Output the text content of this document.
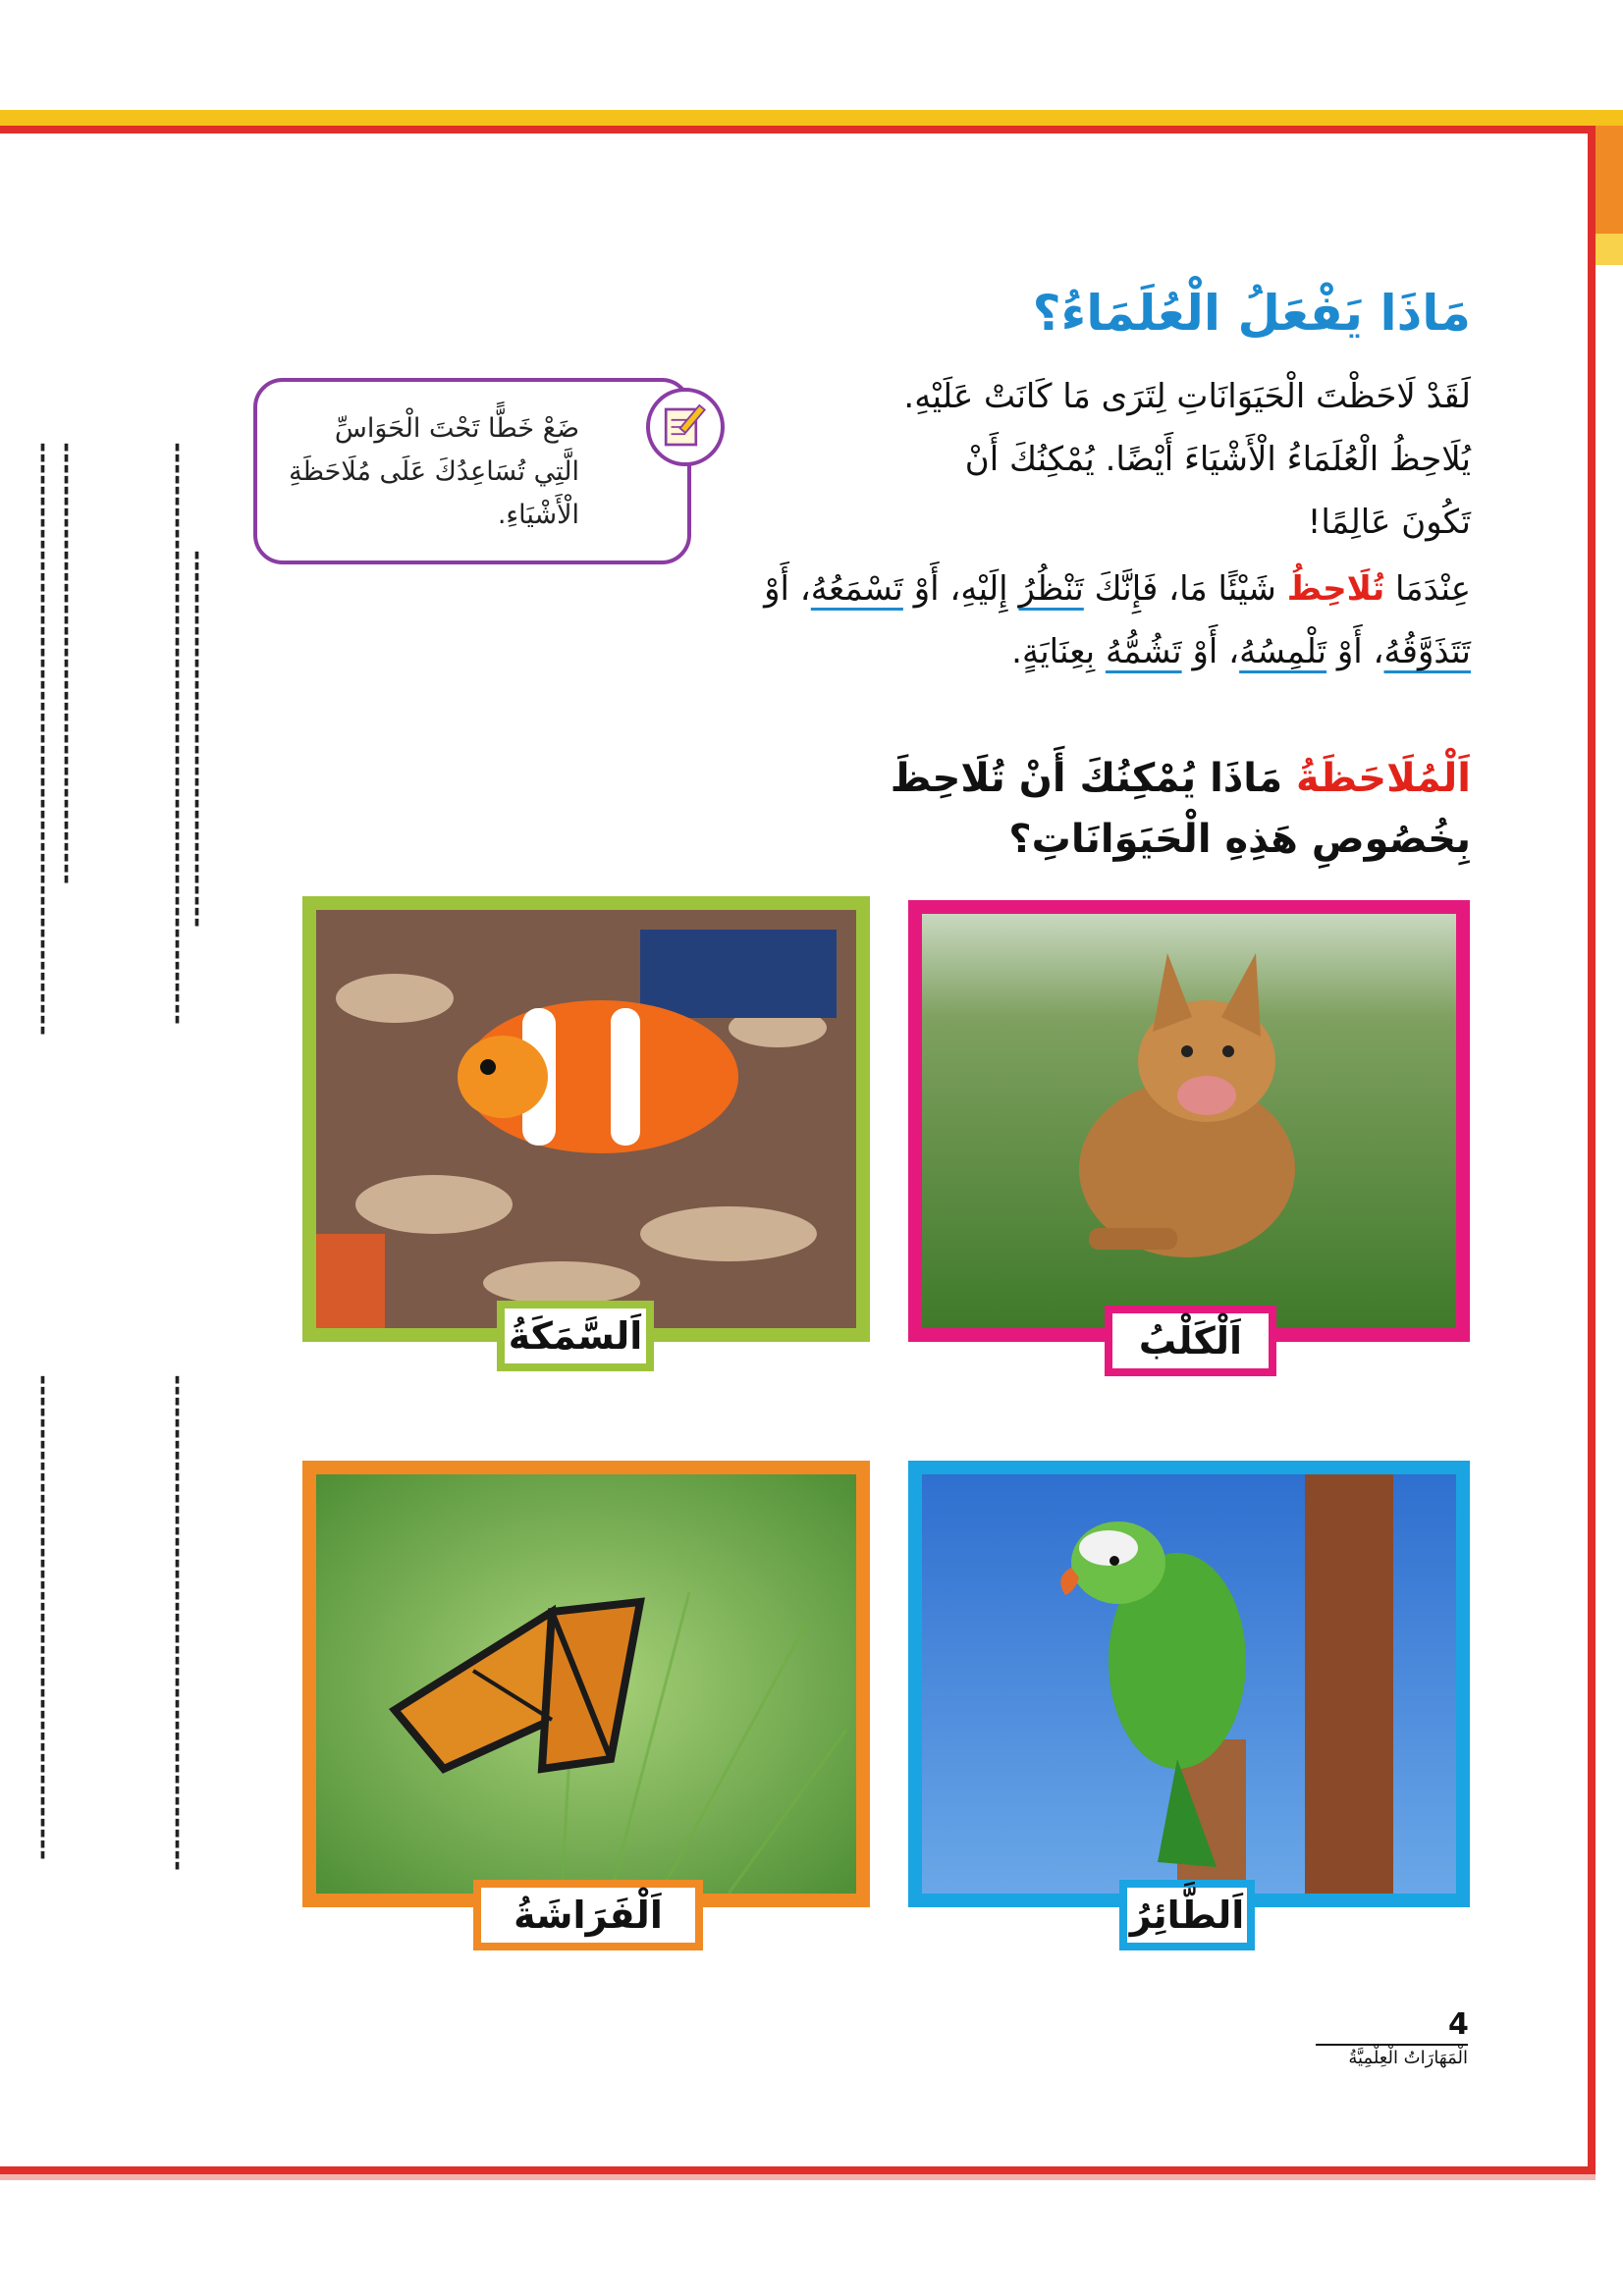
▮▮▮▮▮▮▮▮▮▮▮▮▮▮▮▮▮▮▮▮▮▮▮▮▮▮▮▮▮▮▮▮▮▮▮▮▮▮▮▮▮▮▮▮▮▮▮▮▮▮▮▮▮▮▮ ▮▮▮▮▮▮▮▮▮▮▮▮▮▮▮▮▮▮▮▮▮▮▮▮▮▮▮▮▮▮▮▮▮▮▮▮▮▮▮▮▮
▮▮▮▮▮▮▮▮▮▮▮▮▮▮▮▮▮▮▮▮▮▮▮▮▮▮▮▮▮▮▮▮▮▮▮▮▮▮▮▮▮▮▮▮▮
▮▮▮▮▮▮▮▮▮▮▮▮▮▮▮▮▮▮▮▮▮▮▮▮▮▮▮▮▮▮▮▮▮▮▮▮▮▮▮▮▮▮▮▮▮▮▮▮▮▮▮▮▮▮ ▮▮▮▮▮▮▮▮▮▮▮▮▮▮▮▮▮▮▮▮▮▮▮▮▮▮▮▮▮▮▮▮▮▮▮
▮▮▮▮▮▮▮▮▮▮▮▮▮▮▮▮▮▮▮▮▮▮▮▮▮▮▮▮▮▮▮▮▮▮▮▮▮▮▮▮▮▮▮▮▮▮
مَاذَا يَفْعَلُ الْعُلَمَاءُ؟

لَقَدْ لَاحَظْتَ الْحَيَوَانَاتِ لِتَرَى مَا كَانَتْ عَلَيْهِ.
يُلَاحِظُ الْعُلَمَاءُ الْأَشْيَاءَ أَيْضًا. يُمْكِنُكَ أَنْ
تَكُونَ عَالِمًا!

عِنْدَمَا تُلَاحِظُ شَيْئًا مَا، فَإِنَّكَ تَنْظُرُ إِلَيْهِ، أَوْ تَسْمَعُهُ، أَوْ تَتَذَوَّقُهُ، أَوْ تَلْمِسُهُ، أَوْ تَشُمُّهُ بِعِنَايَةٍ.

ضَعْ خَطًّا تَحْتَ الْحَوَاسِّ الَّتِي تُسَاعِدُكَ عَلَى مُلَاحَظَةِ الْأَشْيَاءِ.

اَلْمُلَاحَظَةُ مَاذَا يُمْكِنُكَ أَنْ تُلَاحِظَ
بِخُصُوصِ هَذِهِ الْحَيَوَانَاتِ؟

اَلْكَلْبُ
اَلسَّمَكَةُ
اَلطَّائِرُ
اَلْفَرَاشَةُ
4
الْمَهَارَاتُ الْعِلْمِيَّةُ
